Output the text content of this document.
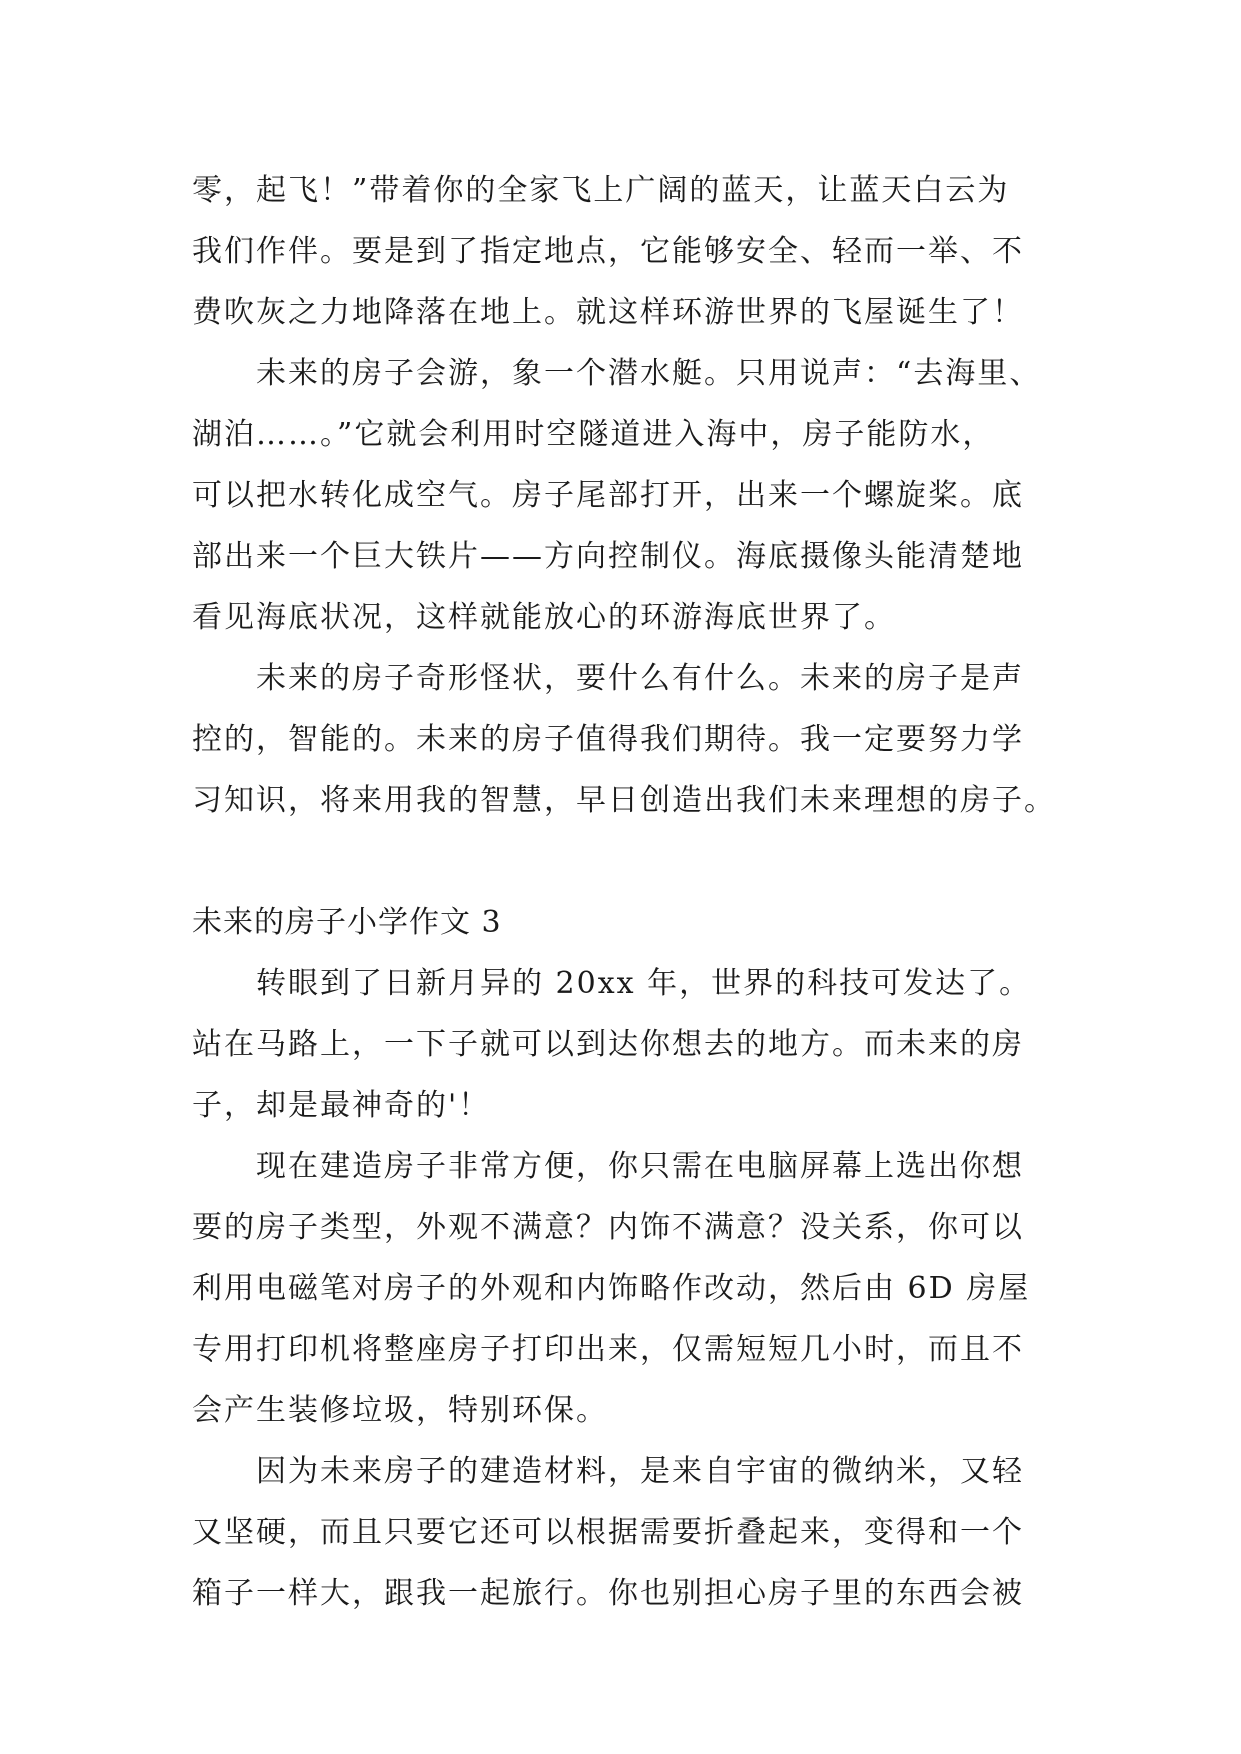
零，起飞！”带着你的全家飞上广阔的蓝天，让蓝天白云为
我们作伴。要是到了指定地点，它能够安全、轻而一举、不
费吹灰之力地降落在地上。就这样环游世界的飞屋诞生了！
未来的房子会游，象一个潜水艇。只用说声：“去海里、
湖泊……。”它就会利用时空隧道进入海中，房子能防水，
可以把水转化成空气。房子尾部打开，出来一个螺旋桨。底
部出来一个巨大铁片——方向控制仪。海底摄像头能清楚地
看见海底状况，这样就能放心的环游海底世界了。
未来的房子奇形怪状，要什么有什么。未来的房子是声
控的，智能的。未来的房子值得我们期待。我一定要努力学
习知识，将来用我的智慧，早日创造出我们未来理想的房子。
未来的房子小学作文 3
转眼到了日新月异的 20xx 年，世界的科技可发达了。
站在马路上，一下子就可以到达你想去的地方。而未来的房
子，却是最神奇的'！
现在建造房子非常方便，你只需在电脑屏幕上选出你想
要的房子类型，外观不满意？内饰不满意？没关系，你可以
利用电磁笔对房子的外观和内饰略作改动，然后由 6D 房屋
专用打印机将整座房子打印出来，仅需短短几小时，而且不
会产生装修垃圾，特别环保。
因为未来房子的建造材料，是来自宇宙的微纳米，又轻
又坚硬，而且只要它还可以根据需要折叠起来，变得和一个
箱子一样大，跟我一起旅行。你也别担心房子里的东西会被
